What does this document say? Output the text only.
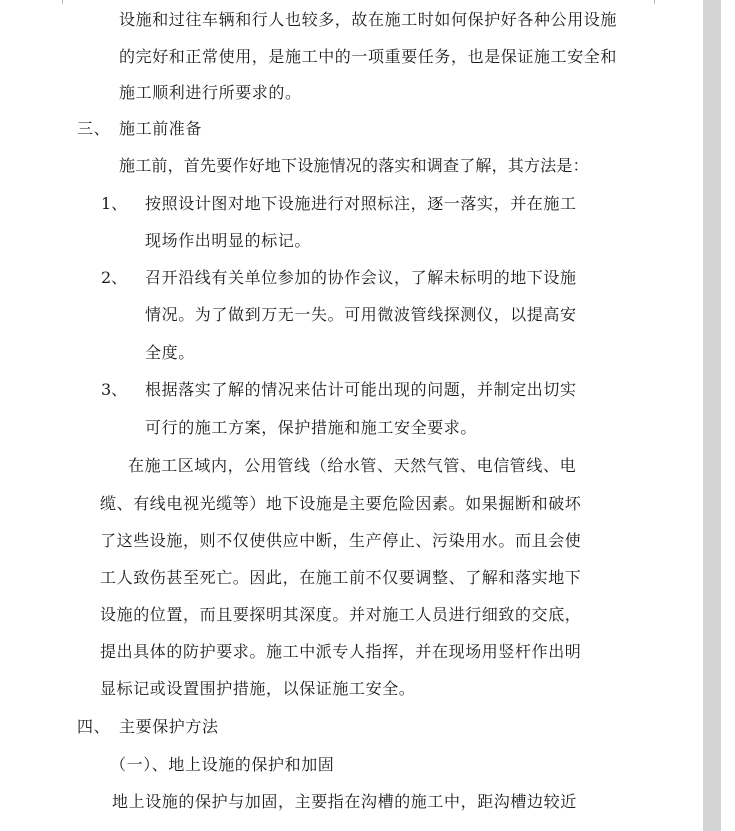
设施和过往车辆和行人也较多，故在施工时如何保护好各种公用设施
的完好和正常使用，是施工中的一项重要任务，也是保证施工安全和
施工顺利进行所要求的。
三、 施工前准备
施工前，首先要作好地下设施情况的落实和调查了解，其方法是：
1、 按照设计图对地下设施进行对照标注，逐一落实，并在施工
现场作出明显的标记。
2、 召开沿线有关单位参加的协作会议，了解未标明的地下设施
情况。为了做到万无一失。可用微波管线探测仪，以提高安
全度。
3、 根据落实了解的情况来估计可能出现的问题，并制定出切实
可行的施工方案，保护措施和施工安全要求。
在施工区域内，公用管线（给水管、天然气管、电信管线、电
缆、有线电视光缆等）地下设施是主要危险因素。如果掘断和破坏
了这些设施，则不仅使供应中断，生产停止、污染用水。而且会使
工人致伤甚至死亡。因此，在施工前不仅要调整、了解和落实地下
设施的位置，而且要探明其深度。并对施工人员进行细致的交底，
提出具体的防护要求。施工中派专人指挥，并在现场用竖杆作出明
显标记或设置围护措施，以保证施工安全。
四、 主要保护方法
（一）、地上设施的保护和加固
地上设施的保护与加固，主要指在沟槽的施工中，距沟槽边较近
